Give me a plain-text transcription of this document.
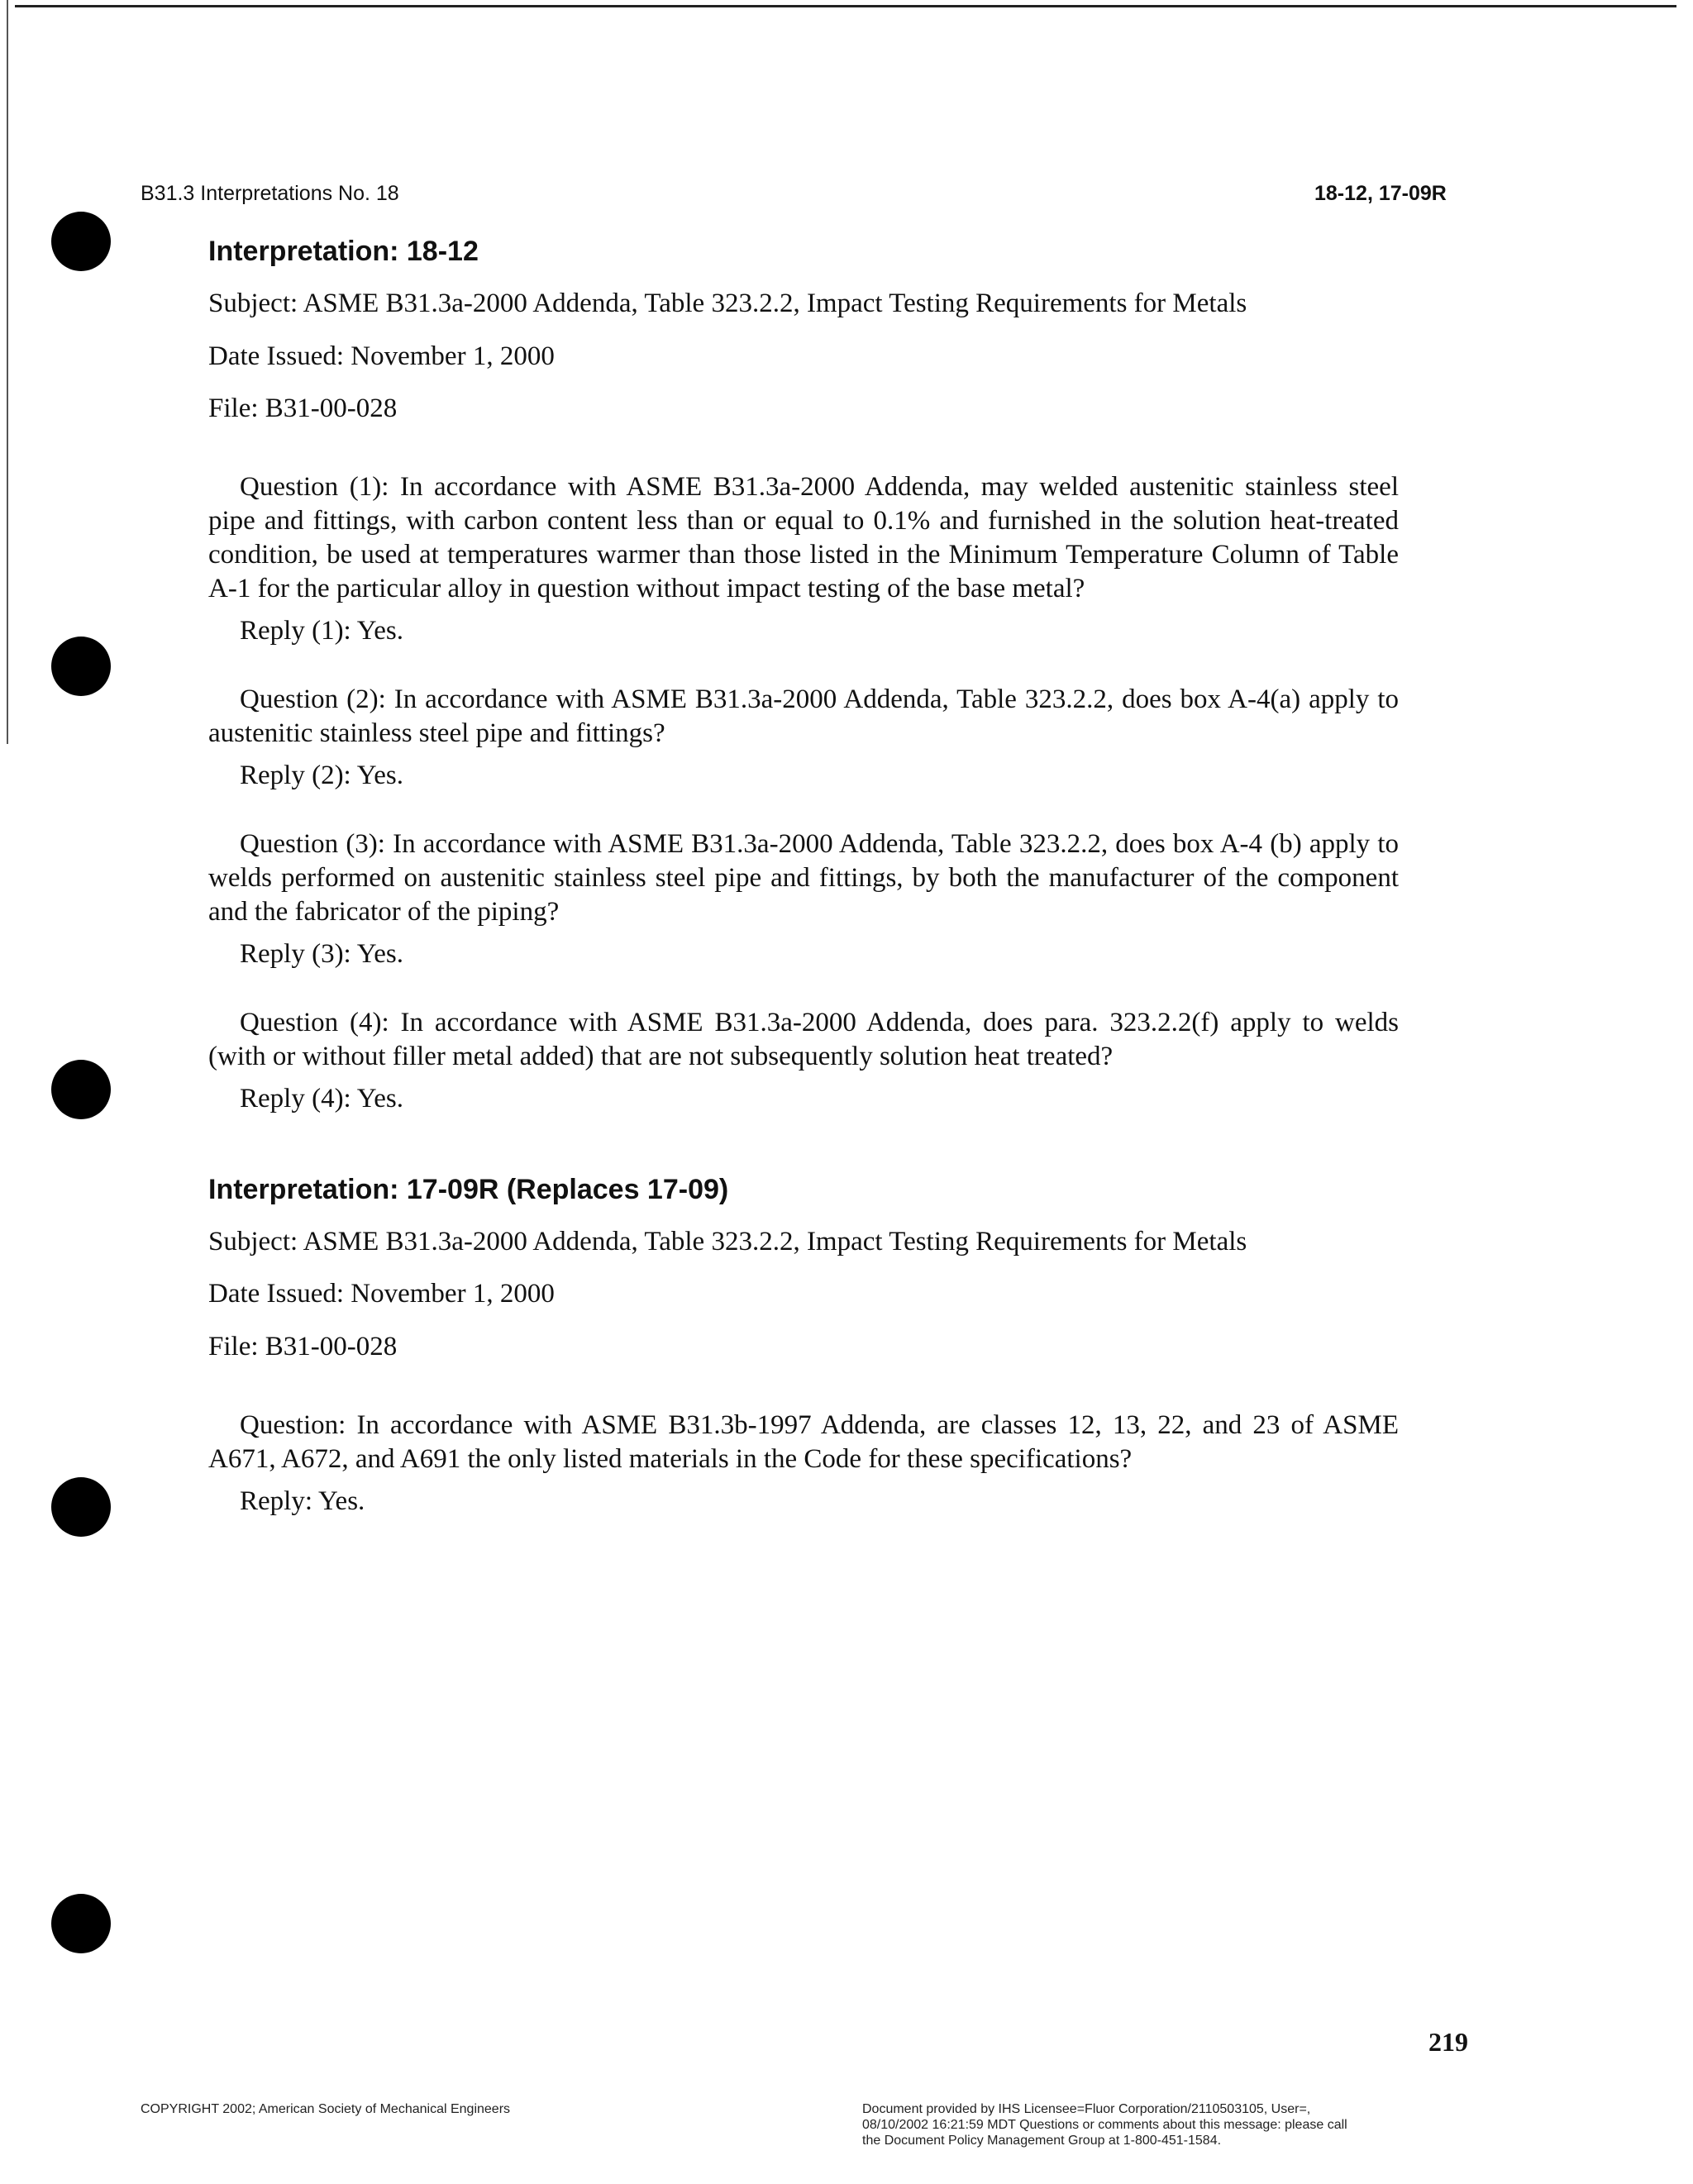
B31.3 Interpretations No. 18	18-12, 17-09R
Interpretation: 18-12
Subject: ASME B31.3a-2000 Addenda, Table 323.2.2, Impact Testing Requirements for Metals
Date Issued: November 1, 2000
File: B31-00-028

Question (1): In accordance with ASME B31.3a-2000 Addenda, may welded austenitic stainless steel pipe and fittings, with carbon content less than or equal to 0.1% and furnished in the solution heat-treated condition, be used at temperatures warmer than those listed in the Minimum Temperature Column of Table A-1 for the particular alloy in question without impact testing of the base metal?

Reply (1): Yes.

Question (2): In accordance with ASME B31.3a-2000 Addenda, Table 323.2.2, does box A-4(a) apply to austenitic stainless steel pipe and fittings?

Reply (2): Yes.

Question (3): In accordance with ASME B31.3a-2000 Addenda, Table 323.2.2, does box A-4 (b) apply to welds performed on austenitic stainless steel pipe and fittings, by both the manufacturer of the component and the fabricator of the piping?

Reply (3): Yes.

Question (4): In accordance with ASME B31.3a-2000 Addenda, does para. 323.2.2(f) apply to welds (with or without filler metal added) that are not subsequently solution heat treated?

Reply (4): Yes.
Interpretation: 17-09R (Replaces 17-09)
Subject: ASME B31.3a-2000 Addenda, Table 323.2.2, Impact Testing Requirements for Metals
Date Issued: November 1, 2000
File: B31-00-028

Question: In accordance with ASME B31.3b-1997 Addenda, are classes 12, 13, 22, and 23 of ASME A671, A672, and A691 the only listed materials in the Code for these specifications?

Reply: Yes.
219
COPYRIGHT 2002; American Society of Mechanical Engineers	Document provided by IHS Licensee=Fluor Corporation/2110503105, User=,
08/10/2002 16:21:59 MDT Questions or comments about this message: please call
the Document Policy Management Group at 1-800-451-1584.
